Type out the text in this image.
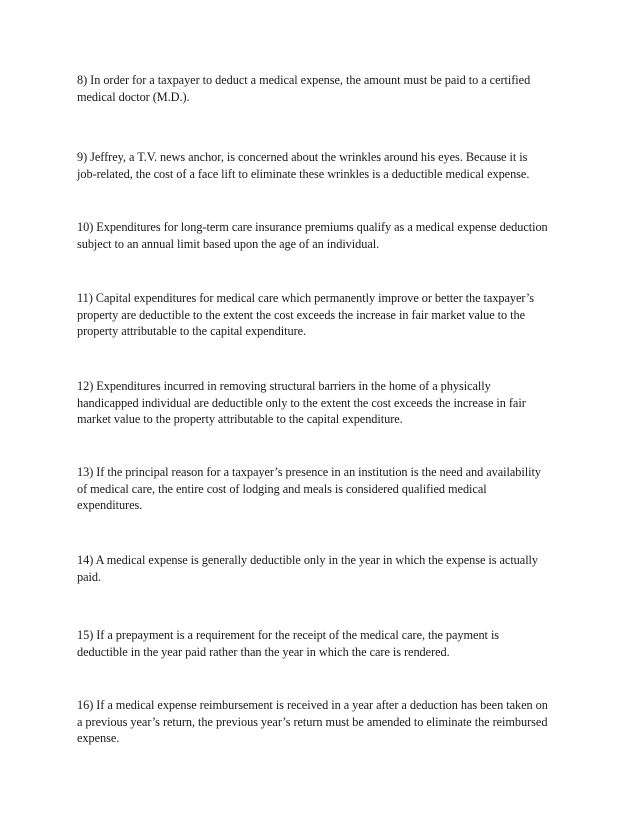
8) In order for a taxpayer to deduct a medical expense, the amount must be paid to a certified
medical doctor (M.D.).

9) Jeffrey, a T.V. news anchor, is concerned about the wrinkles around his eyes. Because it is
job-related, the cost of a face lift to eliminate these wrinkles is a deductible medical expense.

10) Expenditures for long-term care insurance premiums qualify as a medical expense deduction
subject to an annual limit based upon the age of an individual.

11) Capital expenditures for medical care which permanently improve or better the taxpayer’s
property are deductible to the extent the cost exceeds the increase in fair market value to the
property attributable to the capital expenditure.

12) Expenditures incurred in removing structural barriers in the home of a physically
handicapped individual are deductible only to the extent the cost exceeds the increase in fair
market value to the property attributable to the capital expenditure.

13) If the principal reason for a taxpayer’s presence in an institution is the need and availability
of medical care, the entire cost of lodging and meals is considered qualified medical
expenditures.

14) A medical expense is generally deductible only in the year in which the expense is actually
paid.

15) If a prepayment is a requirement for the receipt of the medical care, the payment is
deductible in the year paid rather than the year in which the care is rendered.

16) If a medical expense reimbursement is received in a year after a deduction has been taken on
a previous year’s return, the previous year’s return must be amended to eliminate the reimbursed
expense.
